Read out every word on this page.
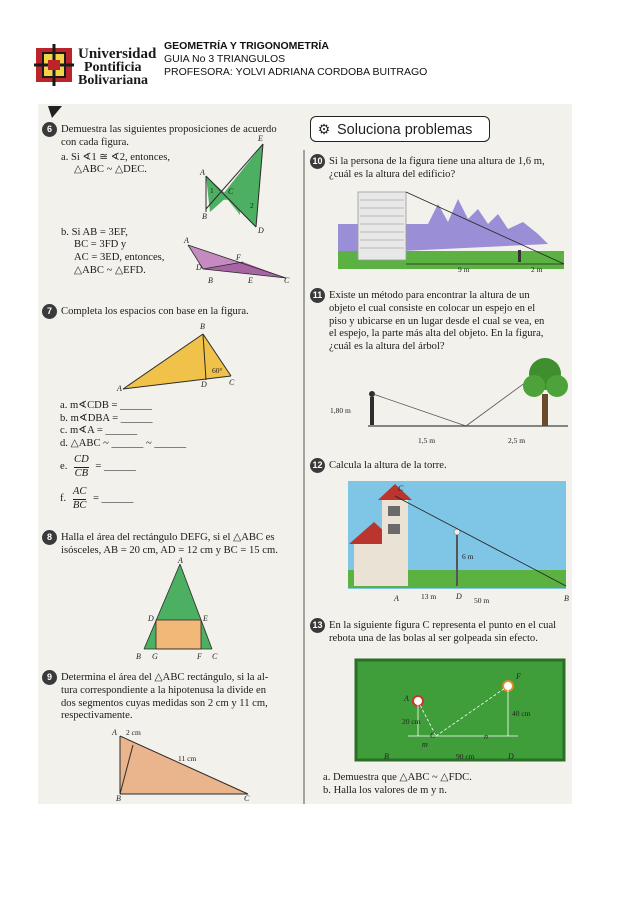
Universidad
Pontificia
Bolivariana
GEOMETRÍA Y TRIGONOMETRÍA
GUIA No 3 TRIANGULOS
PROFESORA: YOLVI ADRIANA CORDOBA BUITRAGO
⚙ Soluciona problemas
6 Demuestra las siguientes proposiciones de acuerdo
con cada figura.
a. Si ∢1 ≅ ∢2, entonces,
△ABC ~ △DEC.
b. Si AB = 3EF,
BC = 3FD y
AC = 3ED, entonces,
△ABC ~ △EFD.
7 Completa los espacios con base en la figura.
a. m∢CDB = ______
b. m∢DBA = ______
c. m∢A = ______
d. △ABC ~ ______ ~ ______
e. $\frac{CD}{CB}$ = ______
f. $\frac{AC}{BC}$ = ______
8 Halla el área del rectángulo DEFG, si el △ABC es
isósceles, AB = 20 cm, AD = 12 cm y BC = 15 cm.
9 Determina el área del △ABC rectángulo, si la al-
tura correspondiente a la hipotenusa la divide en
dos segmentos cuyas medidas son 2 cm y 11 cm,
respectivamente.
10 Si la persona de la figura tiene una altura de 1,6 m,
¿cuál es la altura del edificio?
11 Existe un método para encontrar la altura de un
objeto el cual consiste en colocar un espejo en el
piso y ubicarse en un lugar desde el cual se vea, en
el espejo, la parte más alta del objeto. En la figura,
¿cuál es la altura del árbol?
12 Calcula la altura de la torre.
13 En la siguiente figura C representa el punto en el cual
rebota una de las bolas al ser golpeada sin efecto.
a. Demuestra que △ABC ~ △FDC.
b. Halla los valores de m y n.
E
A
C
1
2
B
D
A
F
D
B	E	C
B
A	D	C
60°
A
D	E
B G	F C
A 2 cm
11 cm
B	C
9 m	2 m
1,80 m
1,5 m	2,5 m
C
6 m
A	13 m D 50 m	B
A
F
20 cm
40 cm
C
m
n
B	90 cm	D
